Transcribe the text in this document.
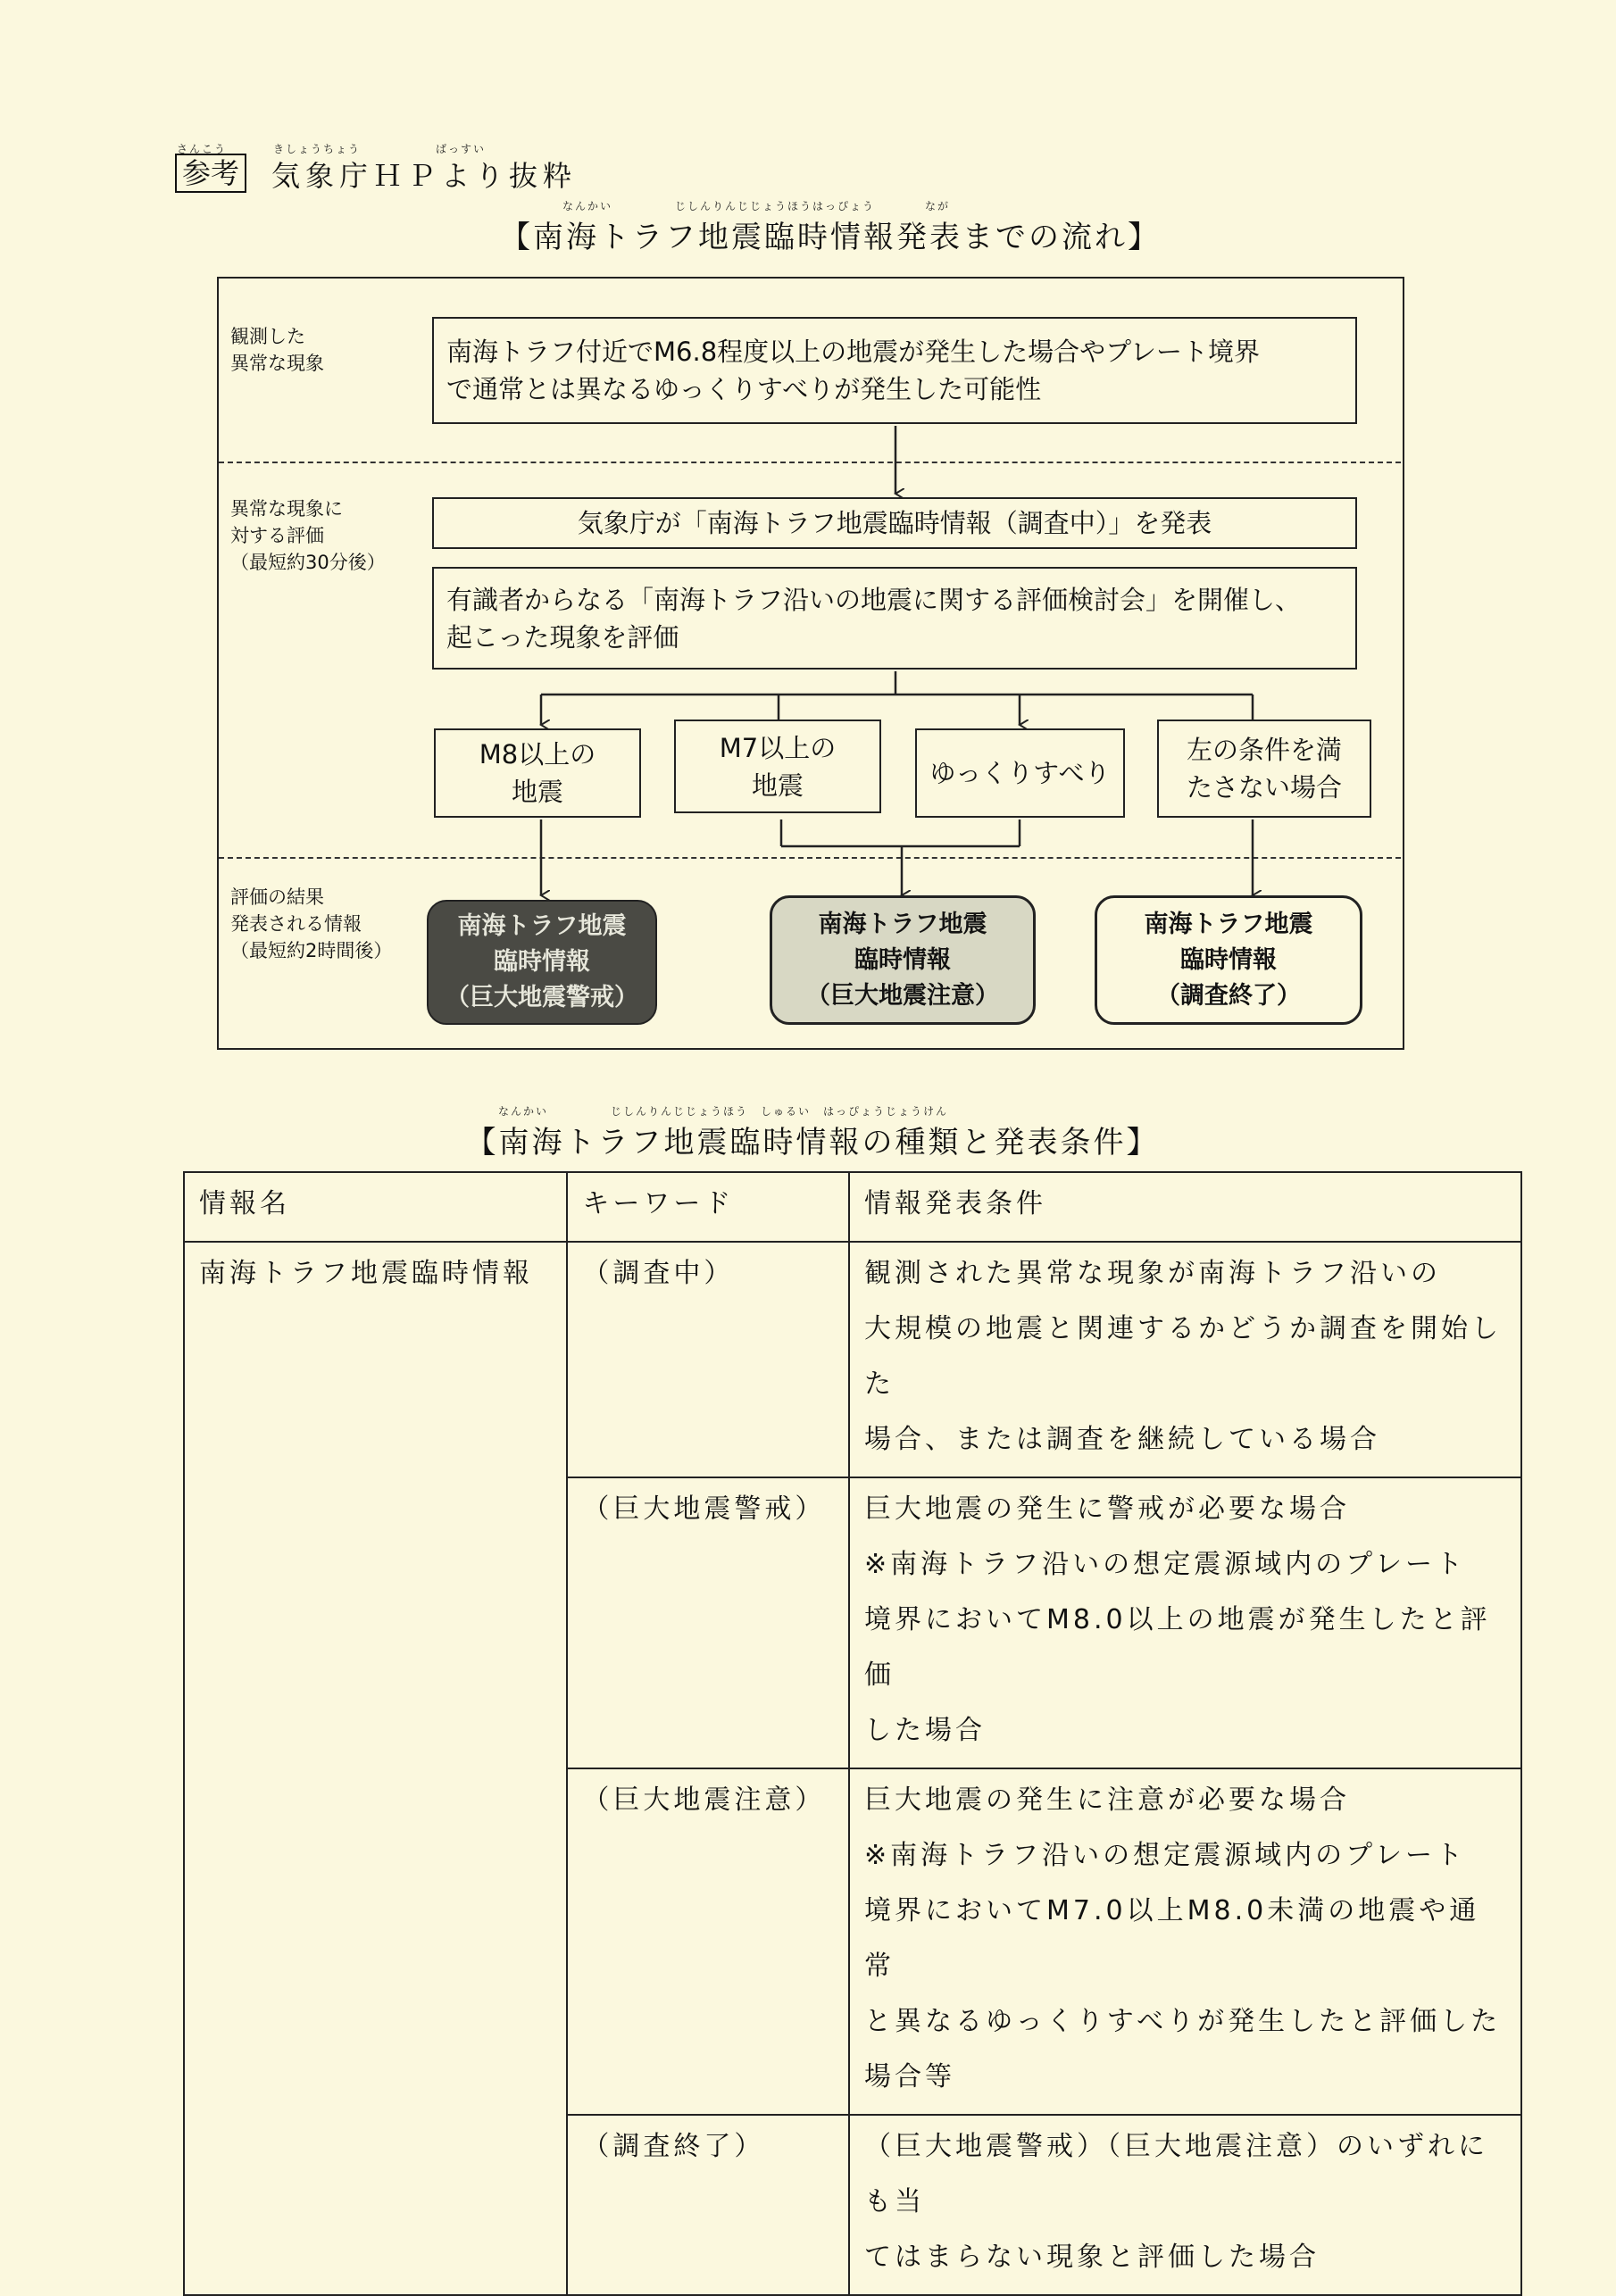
さんこう
参考
きしょうちょう　　　　　　ばっすい
気象庁ＨＰより抜粋
なんかい　　　　　じしんりんじじょうほうはっぴょう　　　　なが
【南海トラフ地震臨時情報発表までの流れ】
観測した
異常な現象
異常な現象に
対する評価
（最短約30分後）
評価の結果
発表される情報
（最短約2時間後）
南海トラフ付近でM6.8程度以上の地震が発生した場合やプレート境界
で通常とは異なるゆっくりすべりが発生した可能性
気象庁が「南海トラフ地震臨時情報（調査中）」を発表
有識者からなる「南海トラフ沿いの地震に関する評価検討会」を開催し、
起こった現象を評価
M8以上の
地震
M7以上の
地震	ゆっくりすべり
左の条件を満
たさない場合
南海トラフ地震
臨時情報
（巨大地震警戒）
南海トラフ地震
臨時情報
（巨大地震注意）
南海トラフ地震
臨時情報
（調査終了）
なんかい　　　　　じしんりんじじょうほう　しゅるい　はっぴょうじょうけん
【南海トラフ地震臨時情報の種類と発表条件】
情報名	キーワード	情報発表条件
南海トラフ地震臨時情報	（調査中）	観測された異常な現象が南海トラフ沿いの
大規模の地震と関連するかどうか調査を開始した
場合、または調査を継続している場合
	（巨大地震警戒）	巨大地震の発生に警戒が必要な場合
※南海トラフ沿いの想定震源域内のプレート
境界においてM8.0以上の地震が発生したと評価
した場合
	（巨大地震注意）	巨大地震の発生に注意が必要な場合
※南海トラフ沿いの想定震源域内のプレート
境界においてM7.0以上M8.0未満の地震や通常
と異なるゆっくりすべりが発生したと評価した
場合等
	（調査終了）	（巨大地震警戒）（巨大地震注意）のいずれにも当
てはまらない現象と評価した場合
